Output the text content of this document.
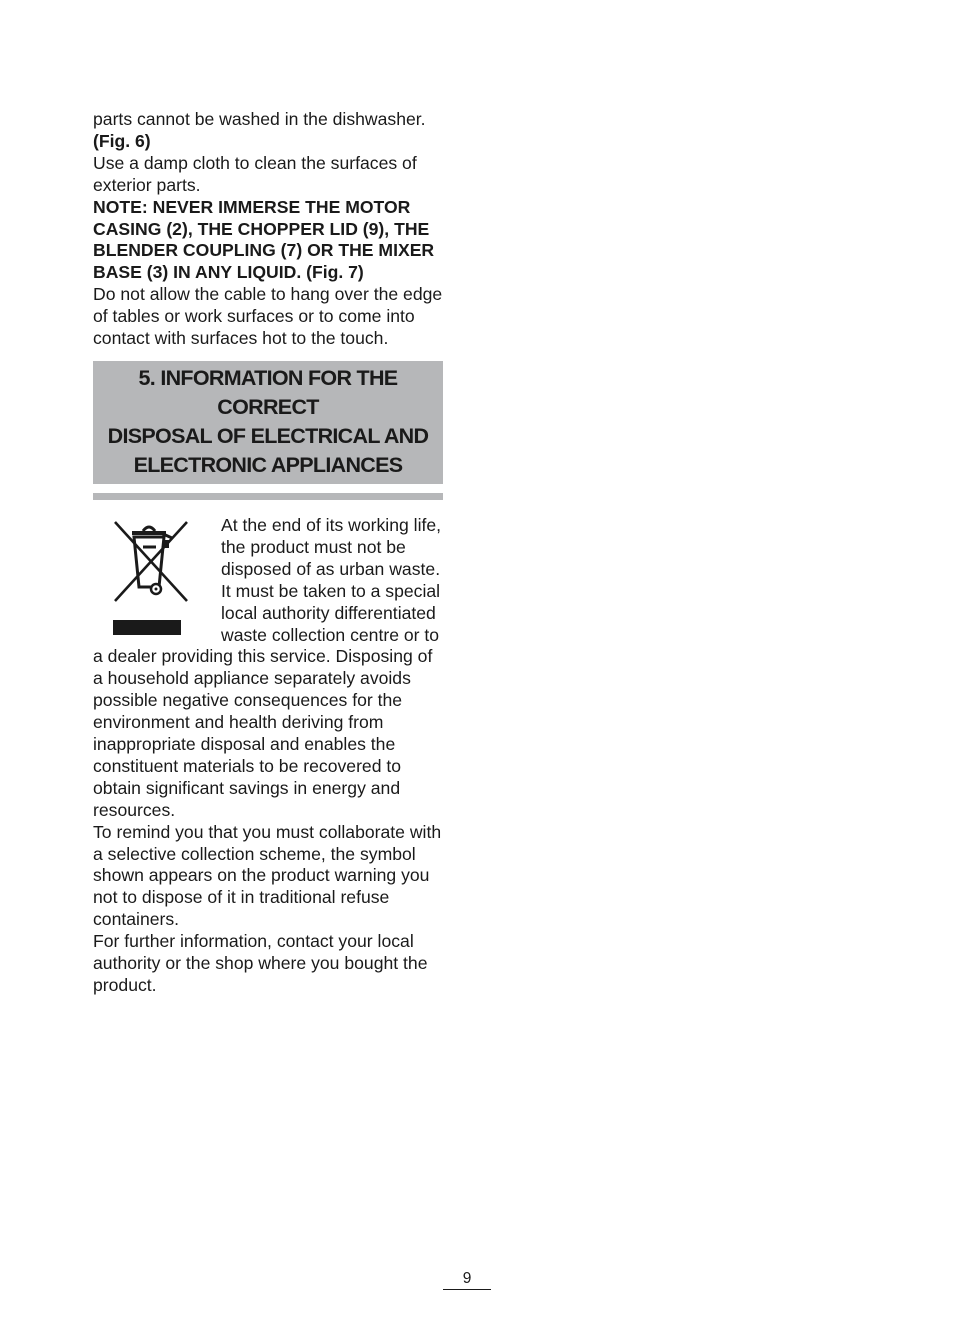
parts cannot be washed in the dishwasher.

(Fig. 6)

Use a damp cloth to clean the surfaces of exterior parts.

NOTE: NEVER IMMERSE THE MOTOR CASING (2), THE CHOPPER LID (9), THE BLENDER COUPLING (7) OR THE MIXER BASE (3) IN ANY LIQUID. (Fig. 7)

Do not allow the cable to hang over the edge of tables or work surfaces or to come into contact with surfaces hot to the touch.

5. INFORMATION FOR THE CORRECT
DISPOSAL OF ELECTRICAL AND
ELECTRONIC APPLIANCES

At the end of its working life, the product must not be disposed of as urban waste. It must be taken to a special local authority differentiated waste collection centre or to a dealer providing this service. Disposing of a household appliance separately avoids possible negative consequences for the environment and health deriving from inappropriate disposal and enables the constituent materials to be recovered to obtain significant savings in energy and resources.

To remind you that you must collaborate with a selective collection scheme, the symbol shown appears on the product warning you not to dispose of it in traditional refuse containers.

For further information, contact your local authority or the shop where you bought the product.

9
